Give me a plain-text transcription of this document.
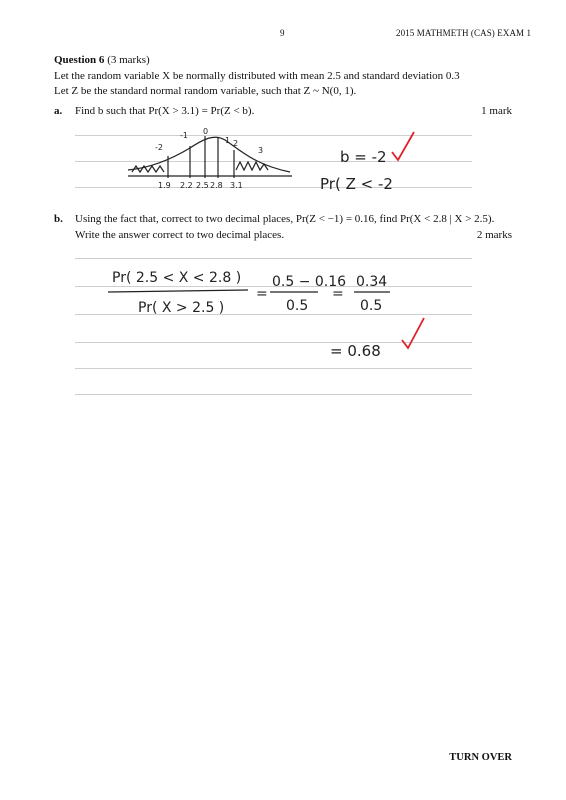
9	2015 MATHMETH (CAS) EXAM 1
Question 6 (3 marks)
Let the random variable X be normally distributed with mean 2.5 and standard deviation 0.3
Let Z be the standard normal random variable, such that Z ~ N(0, 1).
a. Find b such that Pr(X > 3.1) = Pr(Z < b).	1 mark
b. Using the fact that, correct to two decimal places, Pr(Z < −1) = 0.16, find Pr(X < 2.8 | X > 2.5).
Write the answer correct to two decimal places.	2 marks
-2
-1 0
1 2
3
1.9 2.2 2.5 2.8 3.1
b = -2
Pr( Z < -2
Pr( 2.5 < X < 2.8 )
Pr( X > 2.5 )
=
0.5 − 0.16
0.5
=
0.34
0.5
= 0.68
TURN OVER
